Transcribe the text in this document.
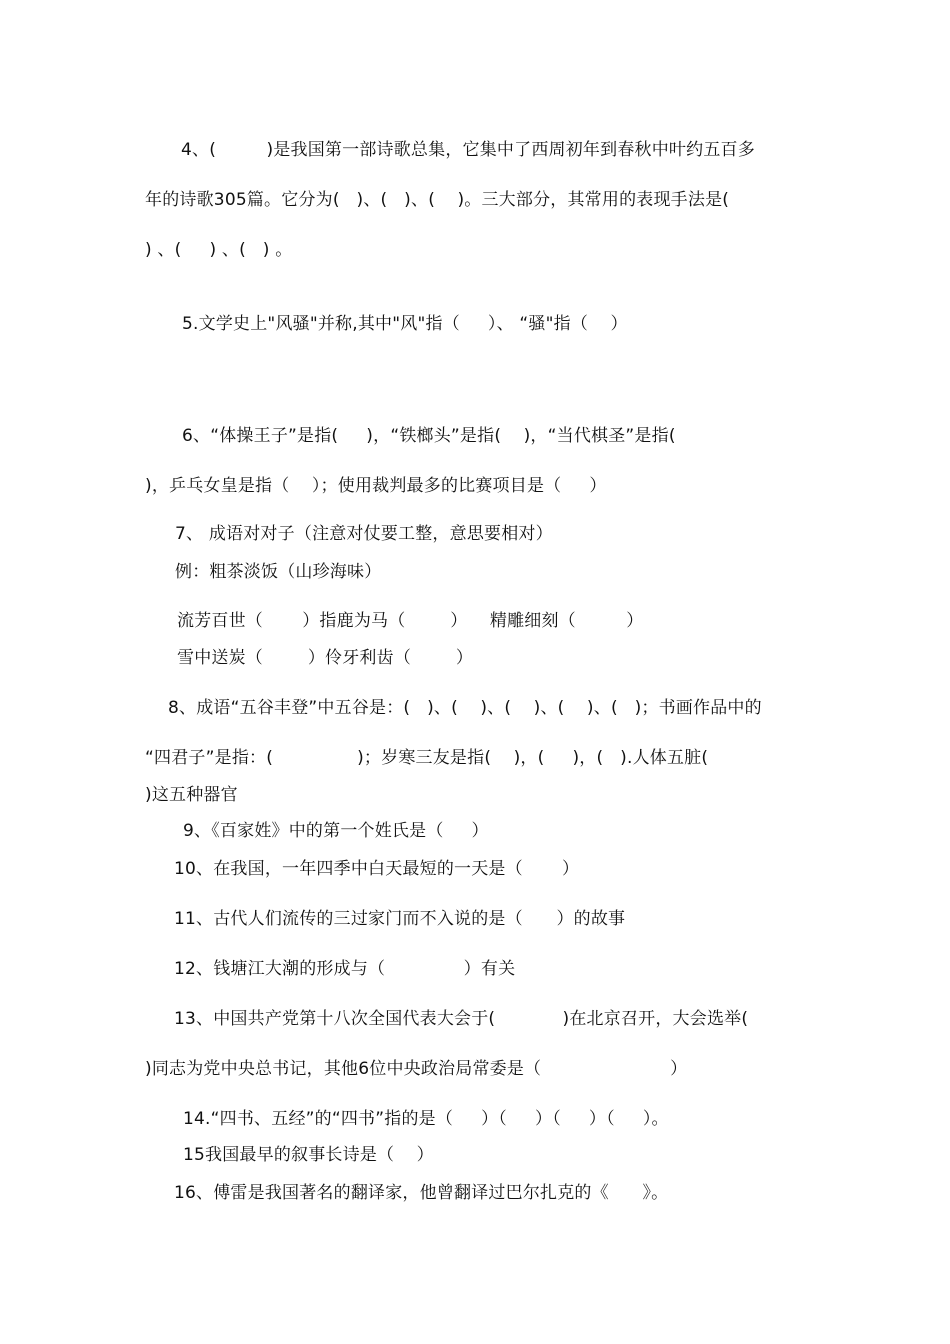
4、(         )是我国第一部诗歌总集，它集中了西周初年到春秋中叶约五百多
年的诗歌305篇。它分为(   )、(   )、(    )。三大部分，其常用的表现手法是(
) 、(     ) 、(   ) 。
5.文学史上"风骚"并称,其中"风"指（     ）、 “骚"指（    ）
6、“体操王子”是指(     )，“铁榔头”是指(    )，“当代棋圣”是指(
)，乒乓女皇是指（    ）；使用裁判最多的比赛项目是（     ）
7、 成语对对子（注意对仗要工整，意思要相对）
例：粗茶淡饭（山珍海味）
流芳百世（       ）指鹿为马（        ）    精雕细刻（         ）
雪中送炭（        ）伶牙利齿（        ）
8、成语“五谷丰登”中五谷是：(   )、(    )、(    )、(    )、(   )；书画作品中的
“四君子”是指：(               )；岁寒三友是指(    )，(     )，(   ).人体五脏(
)这五种器官
9、《百家姓》中的第一个姓氏是（     ）
10、在我国，一年四季中白天最短的一天是（       ）
11、古代人们流传的三过家门而不入说的是（      ）的故事
12、钱塘江大潮的形成与（              ）有关
13、中国共产党第十八次全国代表大会于(            )在北京召开，大会选举(
)同志为党中央总书记，其他6位中央政治局常委是（                       ）
14.“四书、五经”的“四书”指的是（     ）（     ）（     ）（     ）。
15我国最早的叙事长诗是（    ）
16、傅雷是我国著名的翻译家，他曾翻译过巴尔扎克的《      》。
